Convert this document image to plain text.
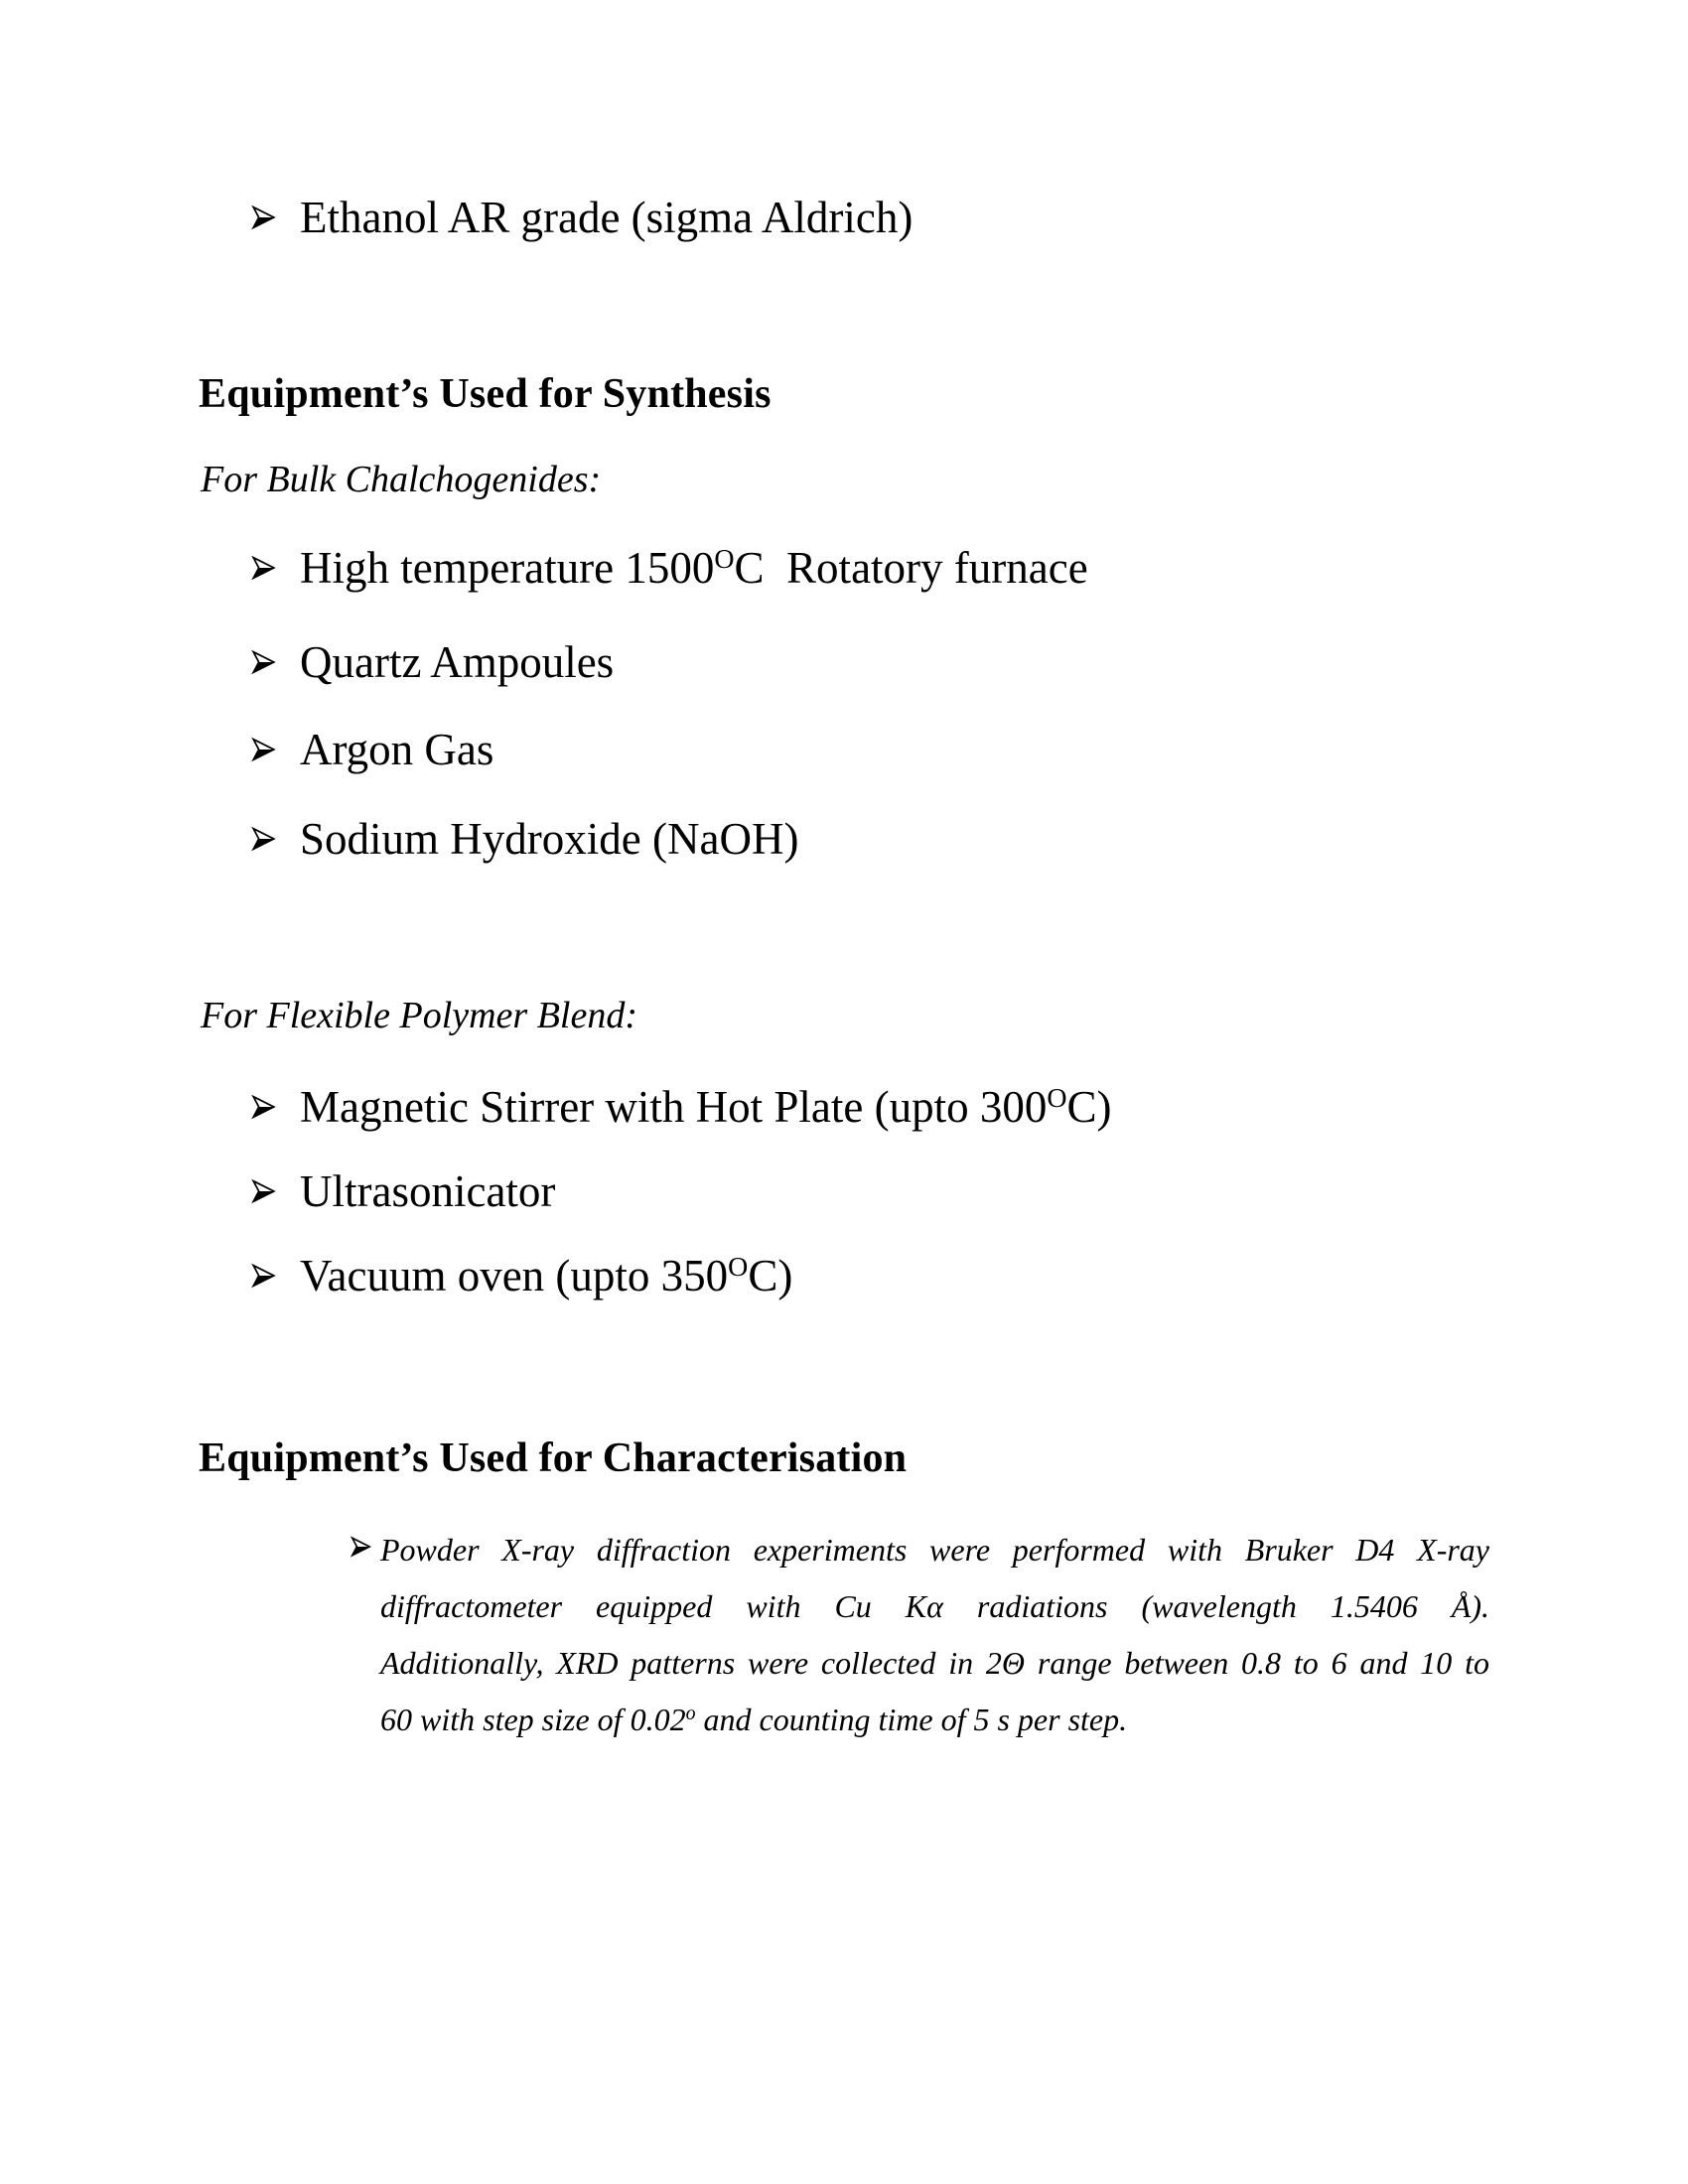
Ethanol AR grade (sigma Aldrich)
Equipment’s Used for Synthesis
For Bulk Chalchogenides:
High temperature $1500^OC$  Rotatory furnace
Quartz Ampoules
Argon Gas
Sodium Hydroxide (NaOH)
For Flexible Polymer Blend:
Magnetic Stirrer with Hot Plate (upto $300^OC$)
Ultrasonicator
Vacuum oven (upto $350^OC$)
Equipment’s Used for Characterisation
Powder X-ray diffraction experiments were performed with Bruker D4 X-ray
diffractometer equipped with Cu Kα radiations (wavelength 1.5406 Å).
Additionally, XRD patterns were collected in 2Θ range between 0.8 to 6 and 10 to
60 with step size of 0.02$^o$ and counting time of 5 s per step.
